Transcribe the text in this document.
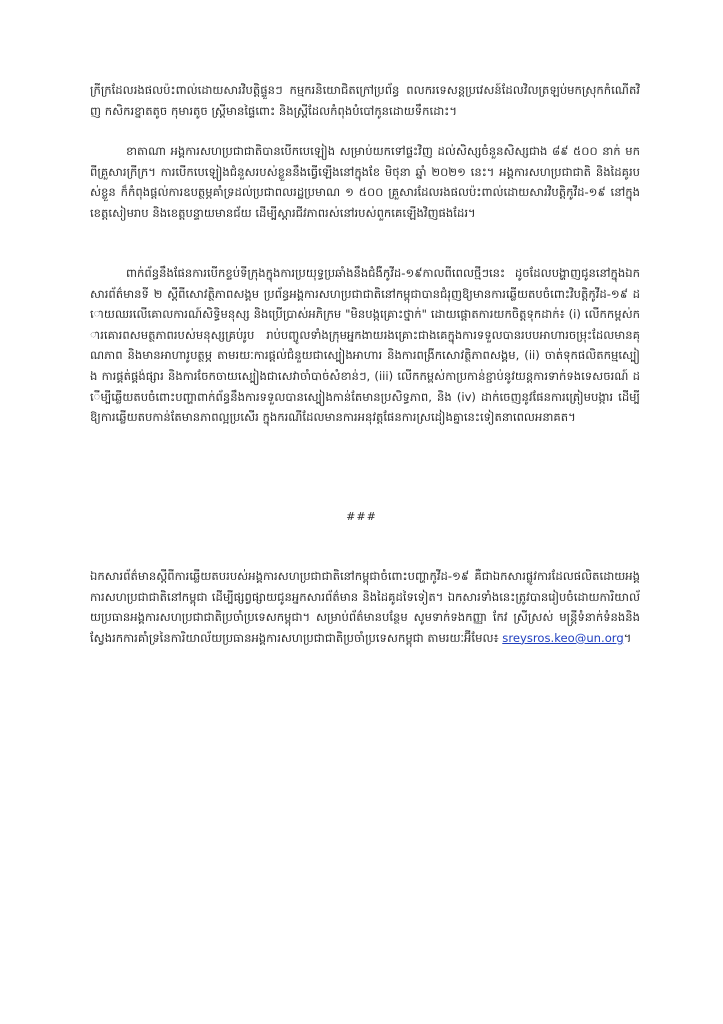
ក្រីក្រដែលរងផលប៉ះពាល់ដោយសារវិបត្តិផ្ទួនៗ កម្មករនិយោជិតក្រៅប្រព័ន្ធ ពលករទេសន្តប្រវេសន៍ដែលវិលត្រឡប់មកស្រុកកំណើតវិញ កសិករខ្នាតតូច កុមារតូច ស្ត្រីមានផ្ទៃពោះ និងស្ត្រីដែលកំពុងបំបៅកូនដោយទឹកដោះ។

ខាតាណា អង្គការសហប្រជាជាតិបានបើកបេឡៀង សម្រាប់យកទៅផ្ទះវិញ ដល់សិស្សចំនួនសិស្សជាង ៨៩ ៥០០ នាក់ មកពីគ្រួសារក្រីក្រ។ ការបើកបេឡៀងជំនួសរបស់ខ្លួននឹងធ្វើឡើងនៅក្នុងខែ មិថុនា ឆ្នាំ ២០២១ នេះ។ អង្គការសហប្រជាជាតិ និងដៃគូរបស់ខ្លួន ក៏កំពុងផ្តល់ការឧបត្ថម្ភគាំទ្រដល់ប្រជាពលរដ្ឋប្រមាណ ១ ៥០០ គ្រួសារដែលរងផលប៉ះពាល់ដោយសារវិបត្តិកូវីដ-១៩ នៅក្នុងខេត្តសៀមរាប និងខេត្តបន្ទាយមានជ័យ ដើម្បីស្តារជីវភាពរស់នៅរបស់ពួកគេឡើងវិញផងដែរ។

ពាក់ព័ន្ធនឹងផែនការបើកខ្ទប់ទីក្រុងក្នុងការប្រយុទ្ធប្រឆាំងនឹងជំងឺកូវីដ-១៩កាលពីពេលថ្មីៗនេះ ដូចដែលបង្ហាញជូននៅក្នុងឯកសារព័ត៌មានទី ២ ស្តីពីសោវត្ថិភាពសង្គម ប្រព័ន្ធអង្គការសហប្រជាជាតិនៅកម្ពុជាបានជំរុញឱ្យមានការឆ្លើយតបចំពោះវិបត្តិកូវីដ-១៩ ដោយឈរលើគោលការណ៍សិទ្ធិមនុស្ស និងប្រើប្រាស់អភិក្រម "មិនបង្កគ្រោះថ្នាក់" ដោយផ្តោតការយកចិត្តទុកដាក់៖ (i) លើកកម្ពស់ការគោរពសមត្ថភាពរបស់មនុស្សគ្រប់រូប រាប់បញ្ចូលទាំងក្រុមអ្នកងាយរងគ្រោះជាងគេក្នុងការទទួលបានរបបអាហារចម្រុះដែលមានគុណភាព និងមានអាហារូបត្ថម្ភ តាមរយៈការផ្តល់ជំនួយជាស្បៀងអាហារ និងការពង្រីកសោវត្ថិភាពសង្គម, (ii) ចាត់ទុកផលិតកម្មស្បៀង ការផ្គត់ផ្គង់ផ្សារ និងការចែកចាយស្បៀងជាសេវាចាំបាច់សំខាន់ៗ, (iii) លើកកម្ពស់កាប្រកាន់ខ្ជាប់នូវយន្តការទាក់ទងទេសចរណ៍ ដើម្បីឆ្លើយតបចំពោះបញ្ហាពាក់ព័ន្ធនឹងការទទួលបានស្បៀងកាន់តែមានប្រសិទ្ធភាព, និង (iv) ដាក់ចេញនូវផែនការត្រៀមបង្ការ ដើម្បីឱ្យការឆ្លើយតបកាន់តែមានភាពល្អប្រសើរ ក្នុងករណីដែលមានការអនុវត្តផែនការស្រដៀងគ្នានេះទៀតនាពេលអនាគត។

###

ឯកសារព័ត៌មានស្តីពីការឆ្លើយតបរបស់អង្គការសហប្រជាជាតិនៅកម្ពុជាចំពោះបញ្ហាកូវីដ-១៩ គឺជាឯកសារផ្លូវការដែលផលិតដោយអង្គការសហប្រជាជាតិនៅកម្ពុជា ដើម្បីផ្សព្វផ្សាយជូនអ្នកសារព័ត៌មាន និងដៃគូដទៃទៀត។ ឯកសារទាំងនេះត្រូវបានរៀបចំដោយការិយាល័យប្រធានអង្គការសហប្រជាជាតិប្រចាំប្រទេសកម្ពុជា។ សម្រាប់ព័ត៌មានបន្ថែម សូមទាក់ទងកញ្ញា កែវ ស្រីស្រស់ មន្ត្រីទំនាក់ទំនងនិងស្វែងរកការគាំទ្រនៃការិយាល័យប្រធានអង្គការសហប្រជាជាតិប្រចាំប្រទេសកម្ពុជា តាមរយៈអ៊ីមែល៖ sreysros.keo@un.org។
